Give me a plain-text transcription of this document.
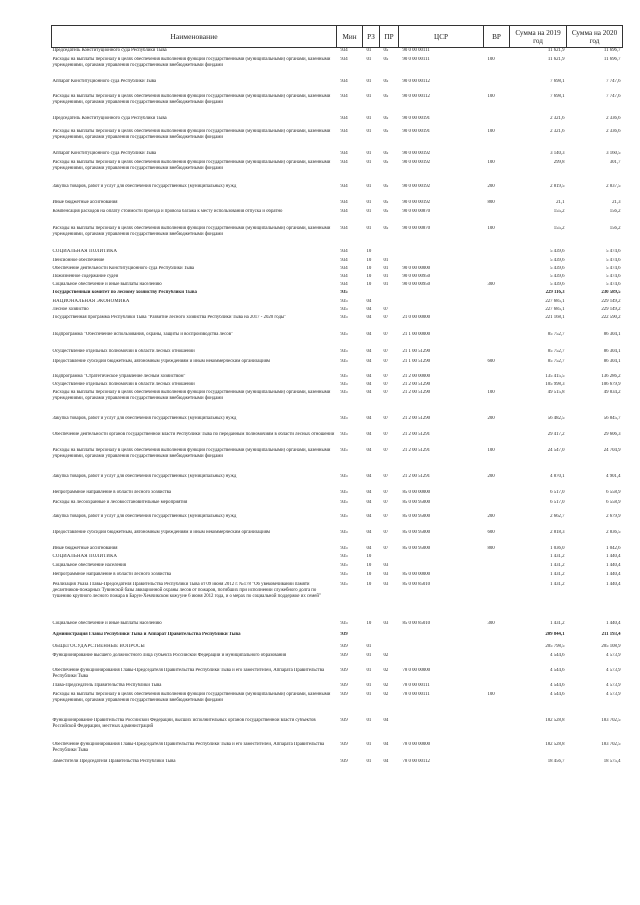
Наименование	Мин	РЗ	ПР	ЦСР	ВР	Сумма на 2019 год	Сумма на 2020 год
Председатель Конституционного суда Республики Тыва	934	01	05	90 0 00 00111		11 621,9	11 696,7
Расходы на выплаты персоналу в целях обеспечения выполнения функций государственными (муниципальными) органами, казенными учреждениями, органами управления государственными внебюджетными фондами	934	01	05	90 0 00 00111	100	11 621,9	11 696,7
Аппарат Конституционного суда Республики Тыва	934	01	05	90 0 00 00112		7 698,1	7 747,6
Расходы на выплаты персоналу в целях обеспечения выполнения функций государственными (муниципальными) органами, казенными учреждениями, органами управления государственными внебюджетными фондами	934	01	05	90 0 00 00112	100	7 698,1	7 747,6
Председатель Конституционного суда Республики Тыва	934	01	05	90 0 00 00191		2 321,6	2 336,6
Расходы на выплаты персоналу в целях обеспечения выполнения функций государственными (муниципальными) органами, казенными учреждениями, органами управления государственными внебюджетными фондами	934	01	05	90 0 00 00191	100	2 321,6	2 336,6
Аппарат Конституционного суда Республики Тыва	934	01	05	90 0 00 00192		3 140,3	3 160,5
Расходы на выплаты персоналу в целях обеспечения выполнения функций государственными (муниципальными) органами, казенными учреждениями, органами управления государственными внебюджетными фондами	934	01	05	90 0 00 00192	100	299,8	301,7
Закупка товаров, работ и услуг для обеспечения государственных (муниципальных) нужд	934	01	05	90 0 00 00192	200	2 819,5	2 837,5
Иные бюджетные ассигнования	934	01	05	90 0 00 00192	800	21,1	21,3
Компенсация расходов на оплату стоимости проезда и провоза багажа к месту использования отпуска и обратно	934	01	05	90 0 00 00870		155,2	156,2
Расходы на выплаты персоналу в целях обеспечения выполнения функций государственными (муниципальными) органами, казенными учреждениями, органами управления государственными внебюджетными фондами	934	01	05	90 0 00 00870	100	155,2	156,2
СОЦИАЛЬНАЯ ПОЛИТИКА	934	10				5 439,6	5 474,6
Пенсионное обеспечение	934	10	01			5 439,6	5 474,6
Обеспечение деятельности Конституционного суда Республики Тыва	934	10	01	90 0 00 00000		5 439,6	5 474,6
Пожизненное содержание судей	934	10	01	90 0 00 00950		5 439,6	5 474,6
Социальное обеспечение и иные выплаты населению	934	10	01	90 0 00 00950	300	5 439,6	5 474,6
Государственный комитет по лесному хозяйству Республики Тыва	935					229 116,3	230 589,5
НАЦИОНАЛЬНАЯ ЭКОНОМИКА	935	04				227 685,1	229 149,2
Лесное хозяйство	935	04	07			227 685,1	229 149,2
Государственная программа Республики Тыва "Развитие лесного хозяйства Республики Тыва на 2017 - 2020 годы"	935	04	07	21 0 00 00000		221 168,1	222 590,2
Подпрограмма "Обеспечение использования, охраны, защиты и воспроизводства лесов"	935	04	07	21 1 00 00000		85 752,7	86 304,1
Осуществление отдельных полномочий в области лесных отношений	935	04	07	21 1 00 51290		85 752,7	86 304,1
Предоставление субсидий бюджетным, автономным учреждениям и иным некоммерческим организациям	935	04	07	21 1 00 51290	600	85 752,7	86 304,1
Подпрограмма "Стратегическое управление лесным хозяйством"	935	04	07	21 2 00 00000		135 415,5	136 286,2
Осуществление отдельных полномочий в области лесных отношений	935	04	07	21 2 00 51290		105 998,3	106 679,9
Расходы на выплаты персоналу в целях обеспечения выполнения функций государственными (муниципальными) органами, казенными учреждениями, органами управления государственными внебюджетными фондами	935	04	07	21 2 00 51290	100	49 515,8	49 834,2
Закупка товаров, работ и услуг для обеспечения государственных (муниципальных) нужд	935	04	07	21 2 00 51290	200	56 482,5	56 845,7
Обеспечение деятельности органов государственной власти Республики Тыва по переданным полномочиям в области лесных отношений	935	04	07	21 2 00 51291		29 417,2	29 606,3
Расходы на выплаты персоналу в целях обеспечения выполнения функций государственными (муниципальными) органами, казенными учреждениями, органами управления государственными внебюджетными фондами	935	04	07	21 2 00 51291	100	24 547,0	24 704,9
Закупка товаров, работ и услуг для обеспечения государственных (муниципальных) нужд	935	04	07	21 2 00 51291	200	4 870,1	4 901,4
Непрограммное направление в области лесного хозяйства	935	04	07	85 0 00 00000		6 517,0	6 558,9
Расходы на лесоохранные и лесовосстановительные мероприятия	935	04	07	85 0 00 95000		6 517,0	6 558,9
Закупка товаров, работ и услуг для обеспечения государственных (муниципальных) нужд	935	04	07	85 0 00 95000	200	2 662,7	2 679,9
Предоставление субсидий бюджетным, автономным учреждениям и иным некоммерческим организациям	935	04	07	85 0 00 95000	600	2 818,3	2 836,5
Иные бюджетные ассигнования	935	04	07	85 0 00 95000	800	1 036,0	1 042,6
СОЦИАЛЬНАЯ ПОЛИТИКА	935	10				1 431,2	1 440,4
Социальное обеспечение населения	935	10	03			1 431,2	1 440,4
Непрограммное направление в области лесного хозяйства	935	10	03	85 0 00 00000		1 431,2	1 440,4
Реализация Указа Главы-Председателя Правительства Республики Тыва от 09 июня 2012 г. №178 "Об увековечивании памяти десантников-пожарных Тувинской базы авиационной охраны лесов от пожаров, погибших при исполнении служебного долга по тушению крупного лесного пожара в Барун-Хемчикском кожууне 6 июня 2012 года, и о мерах по социальной поддержке их семей"	935	10	03	85 0 00 85010		1 431,2	1 440,4
Социальное обеспечение и иные выплаты населению	935	10	03	85 0 00 85010	300	1 431,2	1 440,4
Администрация Главы Республики Тыва и Аппарат Правительства Республики Тыва	939					209 844,1	211 193,4
ОБЩЕГОСУДАРСТВЕННЫЕ ВОПРОСЫ	939	01				205 798,5	205 108,9
Функционирование высшего должностного лица субъекта Российской Федерации и муниципального образования	939	01	02			4 544,6	4 573,9
Обеспечение функционирования Главы-Председателя Правительства Республики Тыва и его заместителей, Аппарата Правительства Республики Тыва	939	01	02	78 0 00 00000		4 544,6	4 573,9
Глава-Председатель Правительства Республики Тыва	939	01	02	78 0 00 00111		4 544,6	4 573,9
Расходы на выплаты персоналу в целях обеспечения выполнения функций государственными (муниципальными) органами, казенными учреждениями, органами управления государственными внебюджетными фондами	939	01	02	78 0 00 00111	100	4 544,6	4 573,9
Функционирование Правительства Российской Федерации, высших исполнительных органов государственной власти субъектов Российской Федерации, местных администраций	939	01	04			182 528,8	183 702,5
Обеспечение функционирования Главы-Председателя Правительства Республики Тыва и его заместителей, Аппарата Правительства Республики Тыва	939	01	04	78 0 00 00000		182 528,8	183 702,5
Заместители Председателя Правительства Республики Тыва	939	01	04	78 0 00 00112		18 456,7	18 575,4
